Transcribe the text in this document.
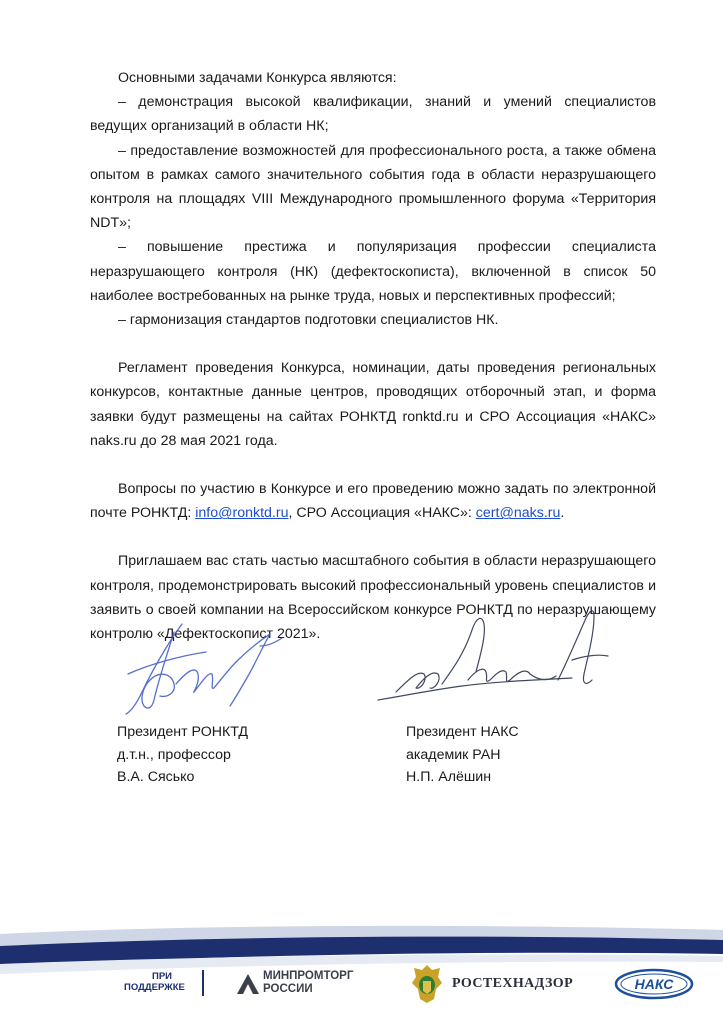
Основными задачами Конкурса являются:

– демонстрация высокой квалификации, знаний и умений специалистов ведущих организаций в области НК;

– предоставление возможностей для профессионального роста, а также обмена опытом в рамках самого значительного события года в области неразрушающего контроля на площадях VIII Международного промышленного форума «Территория NDT»;

– повышение престижа и популяризация профессии специалиста неразрушающего контроля (НК) (дефектоскописта), включенной в список 50 наиболее востребованных на рынке труда, новых и перспективных профессий;

– гармонизация стандартов подготовки специалистов НК.

Регламент проведения Конкурса, номинации, даты проведения региональных конкурсов, контактные данные центров, проводящих отборочный этап, и форма заявки будут размещены на сайтах РОНКТД ronktd.ru и СРО Ассоциация «НАКС» naks.ru до 28 мая 2021 года.

Вопросы по участию в Конкурсе и его проведению можно задать по электронной почте РОНКТД: info@ronktd.ru, СРО Ассоциация «НАКС»: cert@naks.ru.

Приглашаем вас стать частью масштабного события в области неразрушающего контроля, продемонстрировать высокий профессиональный уровень специалистов и заявить о своей компании на Всероссийском конкурсе РОНКТД по неразрушающему контролю «Дефектоскопист 2021».

Президент РОНКТД
д.т.н., профессор
В.А. Сясько
Президент НАКС
академик РАН
Н.П. Алёшин
ПРИ
ПОДДЕРЖКЕ
МИНПРОМТОРГ
РОССИИ	РОСТЕХНАДЗОР	НАКС
